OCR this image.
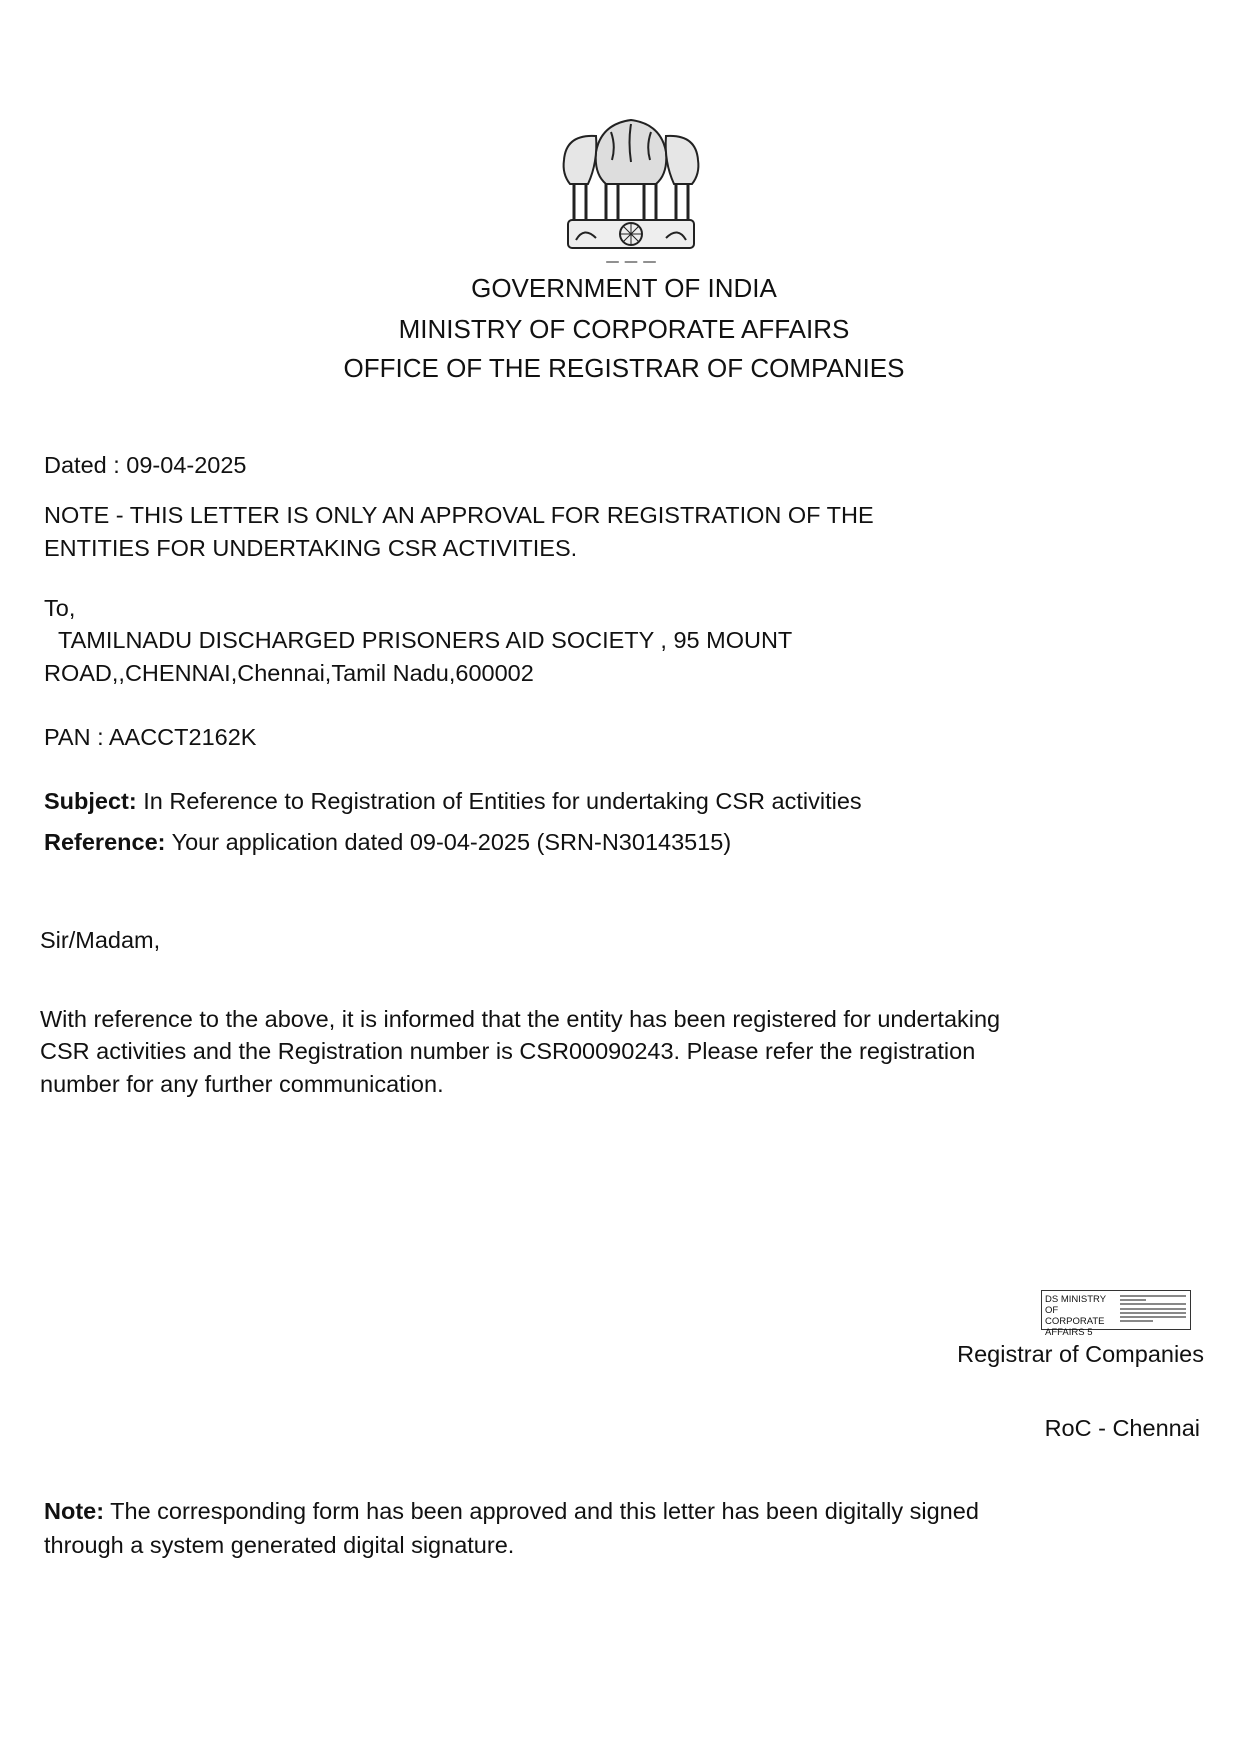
— — —
GOVERNMENT OF INDIA
MINISTRY OF CORPORATE AFFAIRS
OFFICE OF THE REGISTRAR OF COMPANIES
Dated : 09-04-2025
NOTE - THIS LETTER IS ONLY AN APPROVAL FOR REGISTRATION OF THE
ENTITIES FOR UNDERTAKING CSR ACTIVITIES.
To,
TAMILNADU DISCHARGED PRISONERS AID SOCIETY , 95 MOUNT
ROAD,,CHENNAI,Chennai,Tamil Nadu,600002
PAN : AACCT2162K
Subject: In Reference to Registration of Entities for undertaking CSR activities
Reference: Your application dated 09-04-2025 (SRN-N30143515)
Sir/Madam,
With reference to the above, it is informed that the entity has been registered for undertaking
CSR activities and the Registration number is CSR00090243. Please refer the registration
number for any further communication.
DS MINISTRY OF CORPORATE AFFAIRS 5
Registrar of Companies
RoC - Chennai
Note: The corresponding form has been approved and this letter has been digitally signed
through a system generated digital signature.
